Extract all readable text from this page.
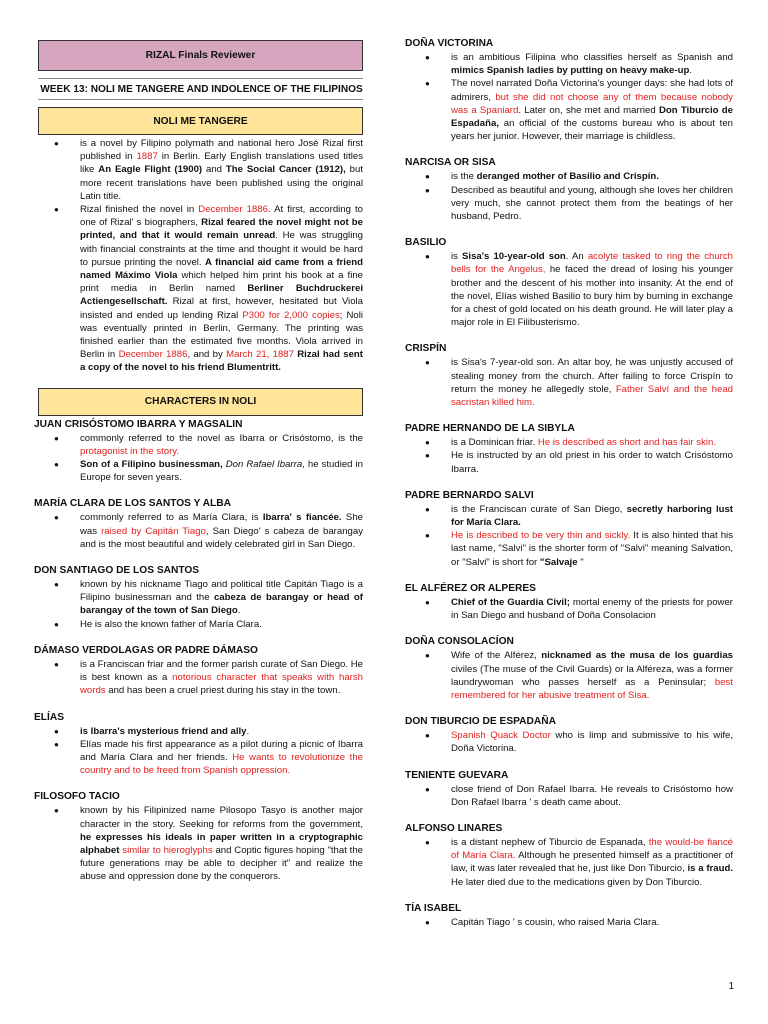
RIZAL Finals Reviewer
WEEK 13: NOLI ME TANGERE AND INDOLENCE OF THE FILIPINOS
NOLI ME TANGERE
● is a novel by Filipino polymath and national hero José Rizal first published in 1887 in Berlin. Early English translations used titles like An Eagle Flight (1900) and The Social Cancer (1912), but more recent translations have been published using the original Latin title.
● Rizal finished the novel in December 1886. At first, according to one of Rizal' s biographers, Rizal feared the novel might not be printed, and that it would remain unread. He was struggling with financial constraints at the time and thought it would be hard to pursue printing the novel. A financial aid came from a friend named Máximo Viola which helped him print his book at a fine print media in Berlin named Berliner Buchdruckerei Actiengesellschaft. Rizal at first, however, hesitated but Viola insisted and ended up lending Rizal P300 for 2,000 copies; Noli was eventually printed in Berlin, Germany. The printing was finished earlier than the estimated five months. Viola arrived in Berlin in December 1886, and by March 21, 1887 Rizal had sent a copy of the novel to his friend Blumentritt.
CHARACTERS IN NOLI
JUAN CRISÓSTOMO IBARRA Y MAGSALIN
● commonly referred to the novel as Ibarra or Crisóstomo, is the protagonist in the story.
● Son of a Filipino businessman, Don Rafael Ibarra, he studied in Europe for seven years.
MARÍA CLARA DE LOS SANTOS Y ALBA
● commonly referred to as María Clara, is Ibarra' s fiancée. She was raised by Capitán Tiago, San Diego' s cabeza de barangay and is the most beautiful and widely celebrated girl in San Diego.
DON SANTIAGO DE LOS SANTOS
● known by his nickname Tiago and political title Capitán Tiago is a Filipino businessman and the cabeza de barangay or head of barangay of the town of San Diego.
● He is also the known father of María Clara.
DÁMASO VERDOLAGAS OR PADRE DÁMASO
● is a Franciscan friar and the former parish curate of San Diego. He is best known as a notorious character that speaks with harsh words and has been a cruel priest during his stay in the town.
ELÍAS
● is Ibarra's mysterious friend and ally.
● Elías made his first appearance as a pilot during a picnic of Ibarra and María Clara and her friends. He wants to revolutionize the country and to be freed from Spanish oppression.
FILOSOFO TACIO
● known by his Filipinized name Pilosopo Tasyo is another major character in the story. Seeking for reforms from the government, he expresses his ideals in paper written in a cryptographic alphabet similar to hieroglyphs and Coptic figures hoping "that the future generations may be able to decipher it" and realize the abuse and oppression done by the conquerors.
DOÑA VICTORINA
● is an ambitious Filipina who classifies herself as Spanish and mimics Spanish ladies by putting on heavy make-up.
● The novel narrated Doña Victorina's younger days: she had lots of admirers, but she did not choose any of them because nobody was a Spaniard. Later on, she met and married Don Tiburcio de Espadaña, an official of the customs bureau who is about ten years her junior. However, their marriage is childless.
NARCISA OR SISA
● is the deranged mother of Basilio and Crispín.
● Described as beautiful and young, although she loves her children very much, she cannot protect them from the beatings of her husband, Pedro.
BASILIO
● is Sisa's 10-year-old son. An acolyte tasked to ring the church bells for the Angelus, he faced the dread of losing his younger brother and the descent of his mother into insanity. At the end of the novel, Elías wished Basilio to bury him by burning in exchange for a chest of gold located on his death ground. He will later play a major role in El Filibusterismo.
CRISPÍN
● is Sisa's 7-year-old son. An altar boy, he was unjustly accused of stealing money from the church. After failing to force Crispín to return the money he allegedly stole, Father Salví and the head sacristan killed him.
PADRE HERNANDO DE LA SIBYLA
● is a Dominican friar. He is described as short and has fair skin.
● He is instructed by an old priest in his order to watch Crisóstomo Ibarra.
PADRE BERNARDO SALVI
● is the Franciscan curate of San Diego, secretly harboring lust for María Clara.
● He is described to be very thin and sickly. It is also hinted that his last name, "Salvi" is the shorter form of "Salvi" meaning Salvation, or "Salvi" is short for "Salvaje "
EL ALFÉREZ OR ALPERES
● Chief of the Guardia Civil; mortal enemy of the priests for power in San Diego and husband of Doña Consolacion
DOÑA CONSOLACÍON
● Wife of the Alférez, nicknamed as the musa de los guardias civiles (The muse of the Civil Guards) or la Alféreza, was a former laundrywoman who passes herself as a Peninsular; best remembered for her abusive treatment of Sisa.
DON TIBURCIO DE ESPADAÑA
● Spanish Quack Doctor who is limp and submissive to his wife, Doña Victorina.
TENIENTE GUEVARA
● close friend of Don Rafael Ibarra. He reveals to Crisóstomo how Don Rafael Ibarra ' s death came about.
ALFONSO LINARES
● is a distant nephew of Tiburcio de Espanada, the would-be fiancé of María Clara. Although he presented himself as a practitioner of law, it was later revealed that he, just like Don Tiburcio, is a fraud. He later died due to the medications given by Don Tiburcio.
TÍA ISABEL
● Capitán Tiago ' s cousin, who raised Maria Clara.
1
